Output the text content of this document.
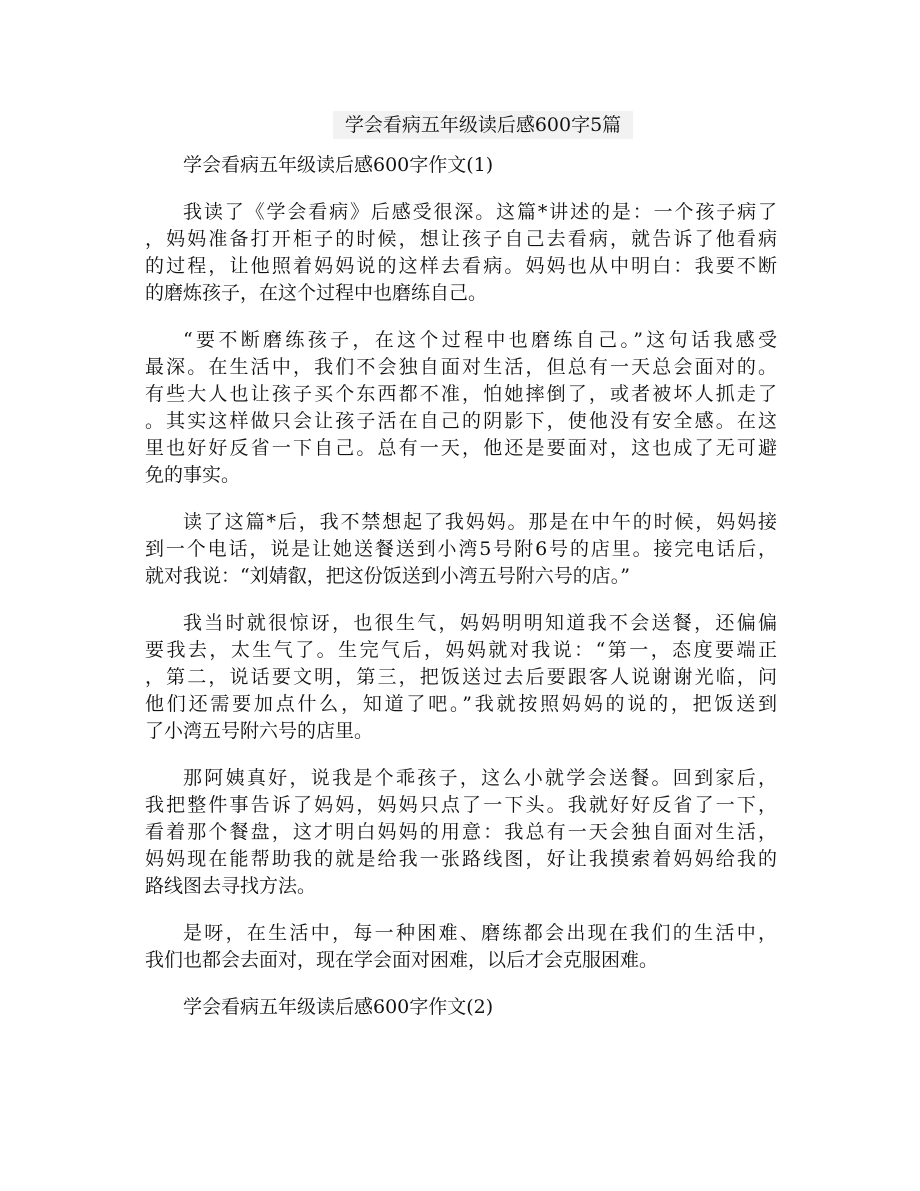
学会看病五年级读后感600字5篇
学会看病五年级读后感600字作文(1)
我读了《学会看病》后感受很深。这篇*讲述的是：一个孩子病了
，妈妈准备打开柜子的时候，想让孩子自己去看病，就告诉了他看病
的过程，让他照着妈妈说的这样去看病。妈妈也从中明白：我要不断
的磨炼孩子，在这个过程中也磨练自己。
“要不断磨练孩子，在这个过程中也磨练自己。”这句话我感受
最深。在生活中，我们不会独自面对生活，但总有一天总会面对的。
有些大人也让孩子买个东西都不准，怕她摔倒了，或者被坏人抓走了
。其实这样做只会让孩子活在自己的阴影下，使他没有安全感。在这
里也好好反省一下自己。总有一天，他还是要面对，这也成了无可避
免的事实。
读了这篇*后，我不禁想起了我妈妈。那是在中午的时候，妈妈接
到一个电话，说是让她送餐送到小湾5号附6号的店里。接完电话后，
就对我说：“刘婧叡，把这份饭送到小湾五号附六号的店。”
我当时就很惊讶，也很生气，妈妈明明知道我不会送餐，还偏偏
要我去，太生气了。生完气后，妈妈就对我说：“第一，态度要端正
，第二，说话要文明，第三，把饭送过去后要跟客人说谢谢光临，问
他们还需要加点什么，知道了吧。”我就按照妈妈的说的，把饭送到
了小湾五号附六号的店里。
那阿姨真好，说我是个乖孩子，这么小就学会送餐。回到家后，
我把整件事告诉了妈妈，妈妈只点了一下头。我就好好反省了一下，
看着那个餐盘，这才明白妈妈的用意：我总有一天会独自面对生活，
妈妈现在能帮助我的就是给我一张路线图，好让我摸索着妈妈给我的
路线图去寻找方法。
是呀，在生活中，每一种困难、磨练都会出现在我们的生活中，
我们也都会去面对，现在学会面对困难，以后才会克服困难。
学会看病五年级读后感600字作文(2)
